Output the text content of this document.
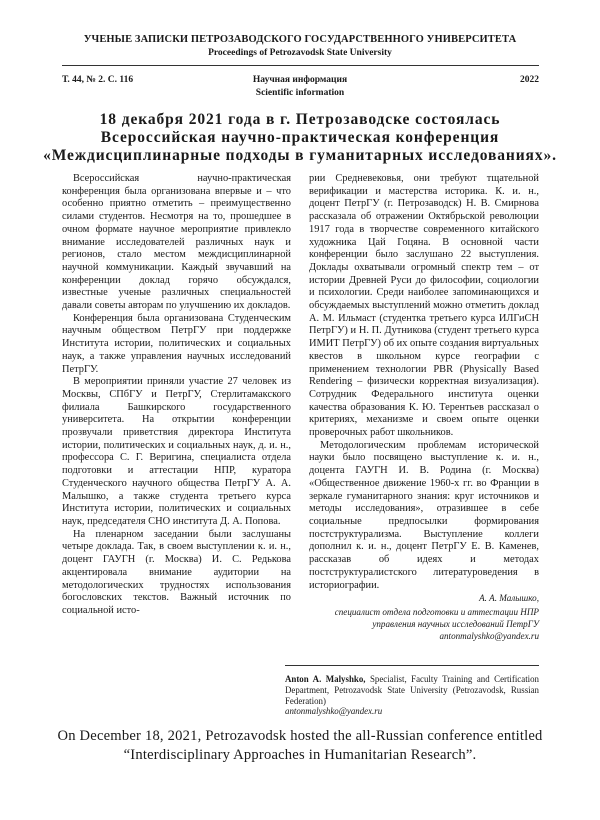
УЧЕНЫЕ ЗАПИСКИ ПЕТРОЗАВОДСКОГО ГОСУДАРСТВЕННОГО УНИВЕРСИТЕТА
Proceedings of Petrozavodsk State University
Т. 44, № 2. С. 116	Научная информация	2022
Scientific information
18 декабря 2021 года в г. Петрозаводске состоялась
Всероссийская научно-практическая конференция
«Междисциплинарные подходы в гуманитарных исследованиях».

Всероссийская научно-практическая конференция была организована впервые и – что особенно приятно отметить – преимущественно силами студентов. Несмотря на то, прошедшее в очном формате научное мероприятие привлекло внимание исследователей различных наук и регионов, стало местом междисциплинарной научной коммуникации. Каждый звучавший на конференции доклад горячо обсуждался, известные ученые различных специальностей давали советы авторам по улучшению их докладов.

Конференция была организована Студенческим научным обществом ПетрГУ при поддержке Института истории, политических и социальных наук, а также управления научных исследований ПетрГУ.

В мероприятии приняли участие 27 человек из Москвы, СПбГУ и ПетрГУ, Стерлитамакского филиала Башкирского государственного университета. На открытии конференции прозвучали приветствия директора Института истории, политических и социальных наук, д. и. н., профессора С. Г. Веригина, специалиста отдела подготовки и аттестации НПР, куратора Студенческого научного общества ПетрГУ А. А. Малышко, а также студента третьего курса Института истории, политических и социальных наук, председателя СНО института Д. А. Попова.

На пленарном заседании были заслушаны четыре доклада. Так, в своем выступлении к. и. н., доцент ГАУГН (г. Москва) И. С. Редькова акцентировала внимание аудитории на методологических трудностях использования богословских текстов. Важный источник по социальной исто-

рии Средневековья, они требуют тщательной верификации и мастерства историка. К. и. н., доцент ПетрГУ (г. Петрозаводск) Н. В. Смирнова рассказала об отражении Октябрьской революции 1917 года в творчестве современного китайского художника Цай Гоцяна. В основной части конференции было заслушано 22 выступления. Доклады охватывали огромный спектр тем – от истории Древней Руси до философии, социологии и психологии. Среди наиболее запоминающихся и обсуждаемых выступлений можно отметить доклад А. М. Ильмаст (студентка третьего курса ИЛГиСН ПетрГУ) и Н. П. Дутникова (студент третьего курса ИМИТ ПетрГУ) об их опыте создания виртуальных квестов в школьном курсе географии с применением технологии PBR (Physically Based Rendering – физически корректная визуализация). Сотрудник Федерального института оценки качества образования К. Ю. Терентьев рассказал о критериях, механизме и своем опыте оценки проверочных работ школьников.

Методологическим проблемам исторической науки было посвящено выступление к. и. н., доцента ГАУГН И. В. Родина (г. Москва) «Общественное движение 1960-х гг. во Франции в зеркале гуманитарного знания: круг источников и методы исследования», отразившее в себе социальные предпосылки формирования постструктурализма. Выступление коллеги дополнил к. и. н., доцент ПетрГУ Е. В. Каменев, рассказав об идеях и методах постструктуралистского литературоведения в историографии.

А. А. Малышко,
специалист отдела подготовки и аттестации НПР
управления научных исследований ПетрГУ
antonmalyshko@yandex.ru
Anton A. Malyshko, Specialist, Faculty Training and Certification Department, Petrozavodsk State University (Petrozavodsk, Russian Federation)
antonmalyshko@yandex.ru
On December 18, 2021, Petrozavodsk hosted the all-Russian conference entitled “Interdisciplinary Approaches in Humanitarian Research”.
